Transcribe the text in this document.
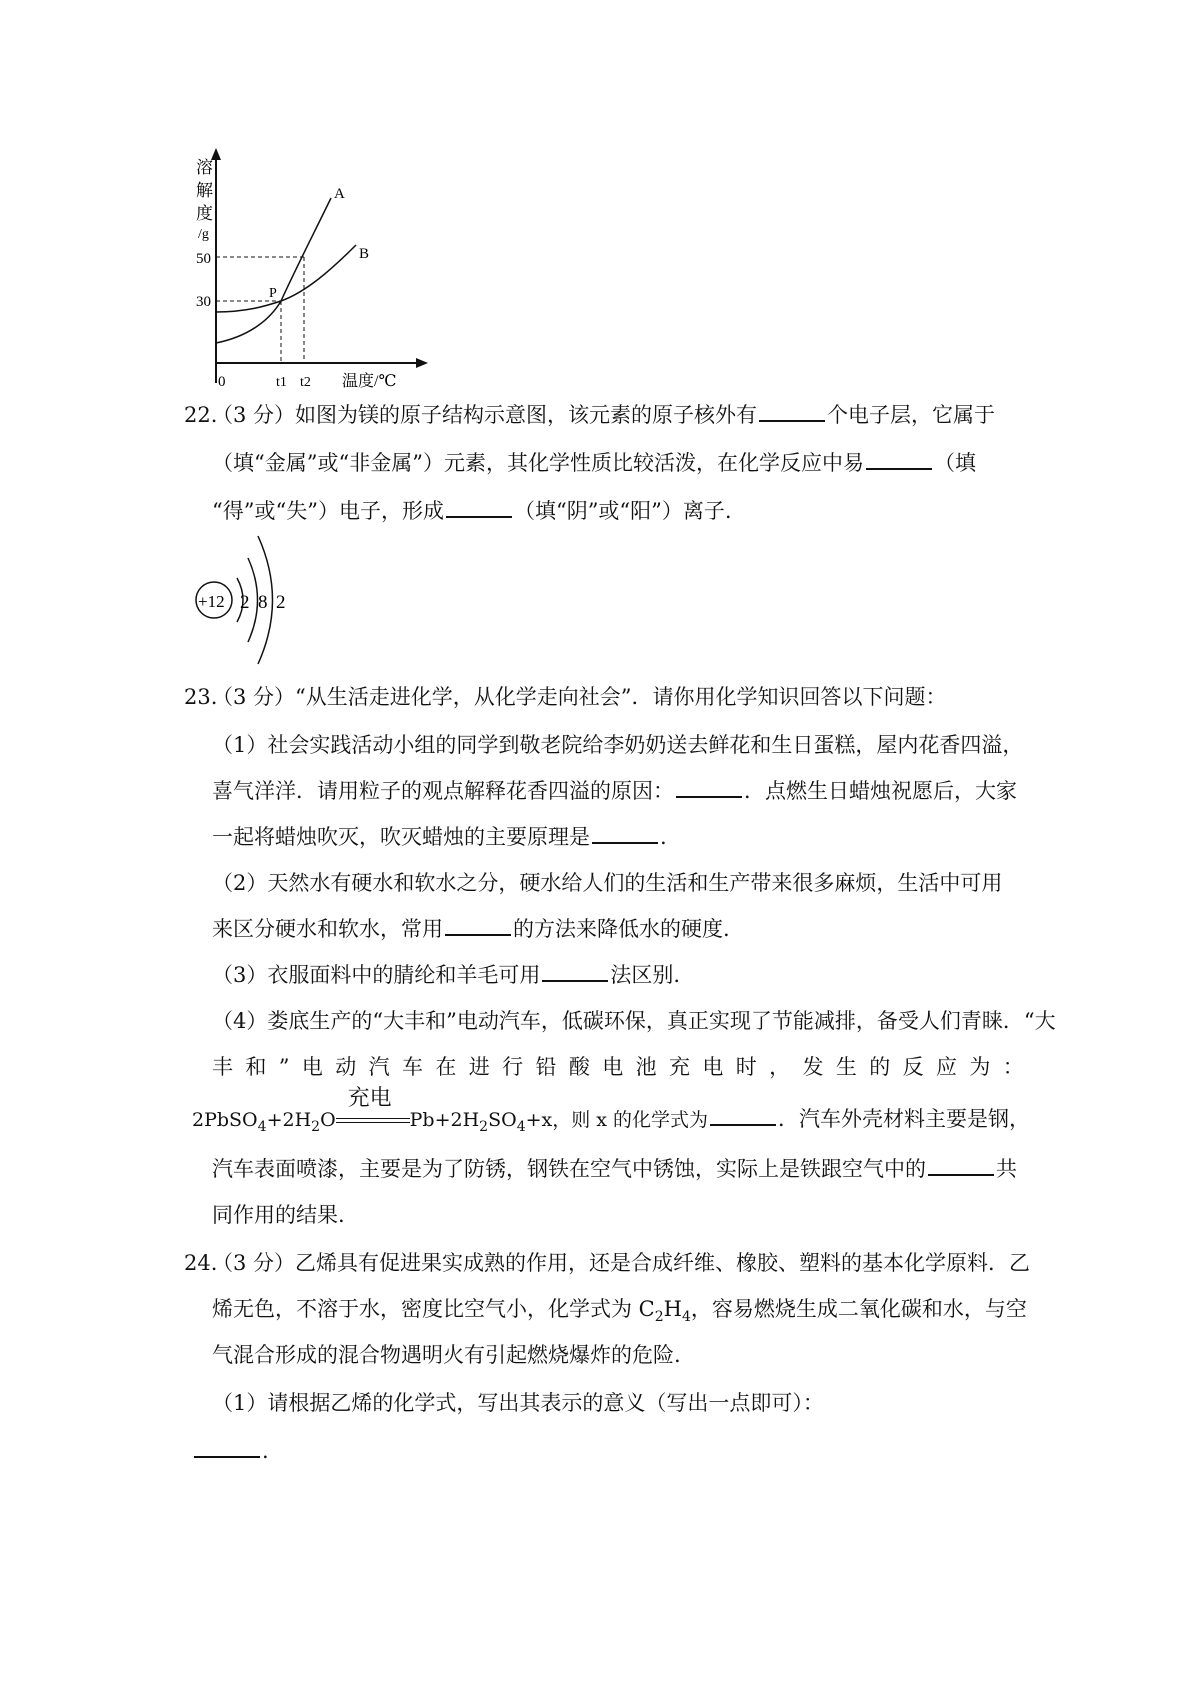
溶
解
度
/g
50
30
0	t1 t2 温度/℃
A
B
P
22.
（3 分）如图为镁的原子结构示意图，该元素的原子核外有	个电子层，它属于
（填“金属”或“非金属”）元素，其化学性质比较活泼，在化学反应中易	（填
“得”或“失”）电子，形成	（填“阴”或“阳”）离子.
+12 2 8 2
23.
（3 分）“从生活走进化学，从化学走向社会”．请你用化学知识回答以下问题：
（1）社会实践活动小组的同学到敬老院给李奶奶送去鲜花和生日蛋糕，屋内花香四溢，
喜气洋洋．请用粒子的观点解释花香四溢的原因：	．点燃生日蜡烛祝愿后，大家
一起将蜡烛吹灭，吹灭蜡烛的主要原理是	.
（2）天然水有硬水和软水之分，硬水给人们的生活和生产带来很多麻烦，生活中可用
来区分硬水和软水，常用	的方法来降低水的硬度.
（3）衣服面料中的腈纶和羊毛可用	法区别.
（4）娄底生产的“大丰和”电动汽车，低碳环保，真正实现了节能减排，备受人们青睐．“大
丰 和 ” 电 动 汽 车 在 进 行 铅 酸 电 池 充 电 时 ， 发 生 的 反 应 为 ：
$2PbSO_4+2H_2O$
充电
$Pb+2H_2SO_4+x$，则 x 的化学式为	．汽车外壳材料主要是钢，
汽车表面喷漆，主要是为了防锈，钢铁在空气中锈蚀，实际上是铁跟空气中的	共
同作用的结果.
24.
（3 分）乙烯具有促进果实成熟的作用，还是合成纤维、橡胶、塑料的基本化学原料．乙
烯无色，不溶于水，密度比空气小，化学式为 $C_2H_4$，容易燃烧生成二氧化碳和水，与空
气混合形成的混合物遇明火有引起燃烧爆炸的危险.
（1）请根据乙烯的化学式，写出其表示的意义（写出一点即可）：
.
